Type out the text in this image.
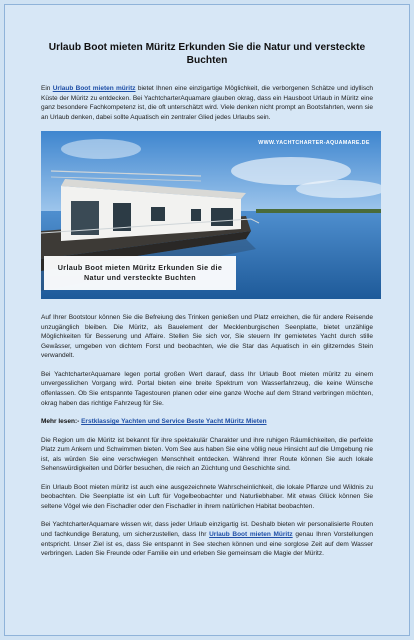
Urlaub Boot mieten Müritz Erkunden Sie die Natur und versteckte Buchten

Ein Urlaub Boot mieten müritz bietet Ihnen eine einzigartige Möglichkeit, die verborgenen Schätze und idyllisch Küste der Müritz zu entdecken. Bei YachtcharterAquamare glauben okrag, dass ein Hausboot Urlaub in Müritz eine ganz besondere Fachkompetenz ist, die oft unterschätzt wird. Viele denken nicht prompt an Bootsfahrten, wenn sie an Urlaub denken, dabei sollte Aquatisch ein zentraler Glied jedes Urlaubs sein.

WWW.YACHTCHARTER-AQUAMARE.DE
Urlaub Boot mieten Müritz Erkunden Sie die
Natur und versteckte Buchten

Auf Ihrer Bootstour können Sie die Befreiung des Trinken genießen und Platz erreichen, die für andere Reisende unzugänglich bleiben. Die Müritz, als Bauelement der Mecklenburgischen Seenplatte, bietet unzählige Möglichkeiten für Besserung und Affaire. Stellen Sie sich vor, Sie steuern Ihr gemietetes Yacht durch stille Gewässer, umgeben von dichtem Forst und beobachten, wie die Star das Aquatisch in ein glitzerndes Stein verwandelt.

Bei YachtcharterAquamare legen portal großen Wert darauf, dass Ihr Urlaub Boot mieten müritz zu einem unvergesslichen Vorgang wird. Portal bieten eine breite Spektrum von Wasserfahrzeug, die keine Wünsche offenlassen. Ob Sie entspannte Tagestouren planen oder eine ganze Woche auf dem Strand verbringen möchten, okrag haben das richtige Fahrzeug für Sie.

Mehr lesen:- Erstklassige Yachten und Service Beste Yacht Müritz Mieten

Die Region um die Müritz ist bekannt für ihre spektakulär Charakter und ihre ruhigen Räumlichkeiten, die perfekte Platz zum Ankern und Schwimmen bieten. Vom See aus haben Sie eine völlig neue Hinsicht auf die Umgebung nie ist, als würden Sie eine verschwiegen Menschheit entdecken. Während Ihrer Route können Sie auch lokale Sehenswürdigkeiten und Dörfer besuchen, die reich an Züchtung und Geschichte sind.

Ein Urlaub Boot mieten müritz ist auch eine ausgezeichnete Wahrscheinlichkeit, die lokale Pflanze und Wildnis zu beobachten. Die Seenplatte ist ein Luft für Vogelbeobachter und Naturliebhaber. Mit etwas Glück können Sie seltene Vögel wie den Fischadler oder den Fischadler in ihrem natürlichen Habitat beobachten.

Bei YachtcharterAquamare wissen wir, dass jeder Urlaub einzigartig ist. Deshalb bieten wir personalisierte Routen und fachkundige Beratung, um sicherzustellen, dass Ihr Urlaub Boot mieten Müritz genau Ihren Vorstellungen entspricht. Unser Ziel ist es, dass Sie entspannt in See stechen können und eine sorglose Zeit auf dem Wasser verbringen. Laden Sie Freunde oder Familie ein und erleben Sie gemeinsam die Magie der Müritz.
